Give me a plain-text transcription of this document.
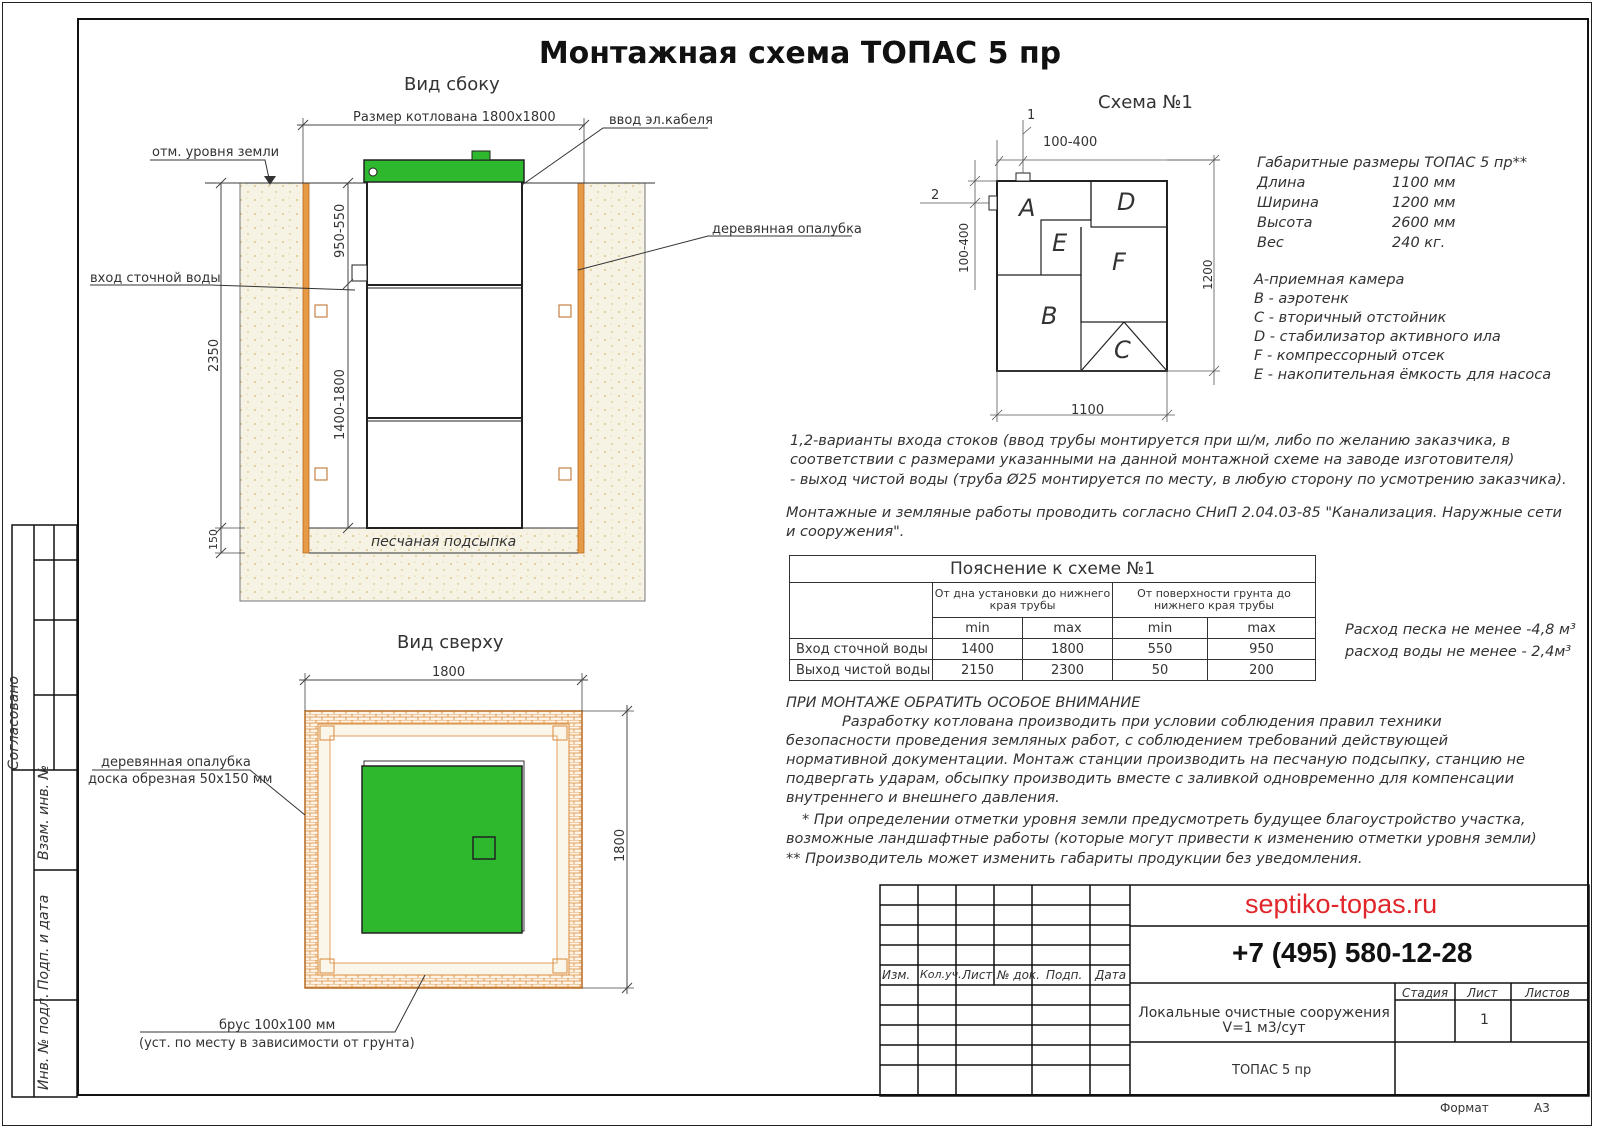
Согласовано
Взам. инв. №
Подп. и дата
Инв. № подл.
Монтажная схема ТОПАС 5 пр
Вид сбоку
Размер котлована 1800х1800
отм. уровня земли
ввод эл.кабеля
деревянная опалубка
вход сточной воды
2350
950-550
1400-1800
150	песчаная подсыпка
Вид сверху
1800
1800
деревянная опалубка
доска обрезная 50х150 мм
брус 100х100 мм
(уст. по месту в зависимости от грунта)
Схема №1
1
2
100-400
100-400
1200
1100
A	D
E
F
B
C
Габаритные размеры ТОПАС 5 пр**
Длина	1100 мм
Ширина	1200 мм
Высота	2600 мм
Вес	240 кг.
A-приемная камера
B - аэротенк
C - вторичный отстойник
D - стабилизатор активного ила
F - компрессорный отсек
E - накопительная ёмкость для насоса
1,2-варианты входа стоков (ввод трубы монтируется при ш/м, либо по желанию заказчика, в соответствии с размерами указанными на данной монтажной схеме на заводе изготовителя)
- выход чистой воды (труба Ø25 монтируется по месту, в любую сторону по усмотрению заказчика).
Монтажные и земляные работы проводить согласно СНиП 2.04.03-85 "Канализация. Наружные сети и сооружения".
Пояснение к схеме №1				
	От дна установки до нижнего края трубы		От поверхности грунта до нижнего края трубы	
	min	max	min	max
Вход сточной воды	1400	1800	550	950
Выход чистой воды	2150	2300	50	200
Расход песка не менее -4,8 м³
расход воды не менее - 2,4м³
ПРИ МОНТАЖЕ ОБРАТИТЬ ОСОБОЕ ВНИМАНИЕ
Разработку котлована производить при условии соблюдения правил техники безопасности проведения земляных работ, с соблюдением требований действующей нормативной документации. Монтаж станции производить на песчаную подсыпку, станцию не подвергать ударам, обсыпку производить вместе с заливкой одновременно для компенсации внутреннего и внешнего давления.
* При определении отметки уровня земли предусмотреть будущее благоустройство участка, возможные ландшафтные работы (которые могут привести к изменению отметки уровня земли)
** Производитель может изменить габариты продукции без уведомления.
septiko-topas.ru
+7 (495) 580-12-28
Изм. Кол.уч. Лист № док. Подп. Дата
Стадия Лист Листов
1
Локальные очистные сооружения V=1 м3/сут
ТОПАС 5 пр
Формат	А3
